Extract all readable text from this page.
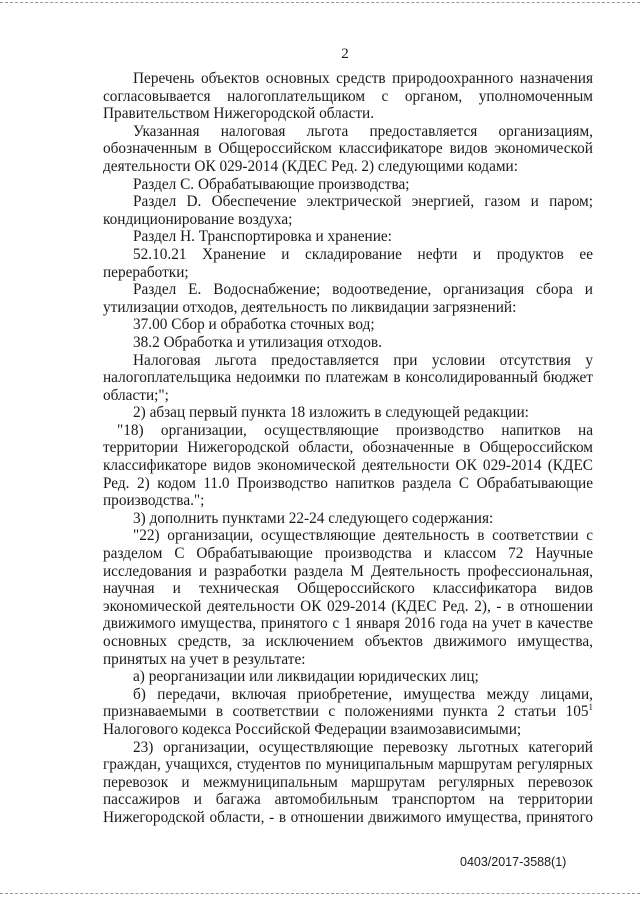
2
Перечень объектов основных средств природоохранного назначения
согласовывается налогоплательщиком с органом, уполномоченным
Правительством Нижегородской области.
Указанная налоговая льгота предоставляется организациям,
обозначенным в Общероссийском классификаторе видов экономической
деятельности ОК 029-2014 (КДЕС Ред. 2) следующими кодами:
Раздел С. Обрабатывающие производства;
Раздел D. Обеспечение электрической энергией, газом и паром;
кондиционирование воздуха;
Раздел Н. Транспортировка и хранение:
52.10.21 Хранение и складирование нефти и продуктов ее
переработки;
Раздел Е. Водоснабжение; водоотведение, организация сбора и
утилизации отходов, деятельность по ликвидации загрязнений:
37.00 Сбор и обработка сточных вод;
38.2 Обработка и утилизация отходов.
Налоговая льгота предоставляется при условии отсутствия у
налогоплательщика недоимки по платежам в консолидированный бюджет
области;";
2) абзац первый пункта 18 изложить в следующей редакции:
"18) организации, осуществляющие производство напитков на
территории Нижегородской области, обозначенные в Общероссийском
классификаторе видов экономической деятельности ОК 029-2014 (КДЕС
Ред. 2) кодом 11.0 Производство напитков раздела С Обрабатывающие
производства.";
3) дополнить пунктами 22-24 следующего содержания:
"22) организации, осуществляющие деятельность в соответствии с
разделом С Обрабатывающие производства и классом 72 Научные
исследования и разработки раздела М Деятельность профессиональная,
научная и техническая Общероссийского классификатора видов
экономической деятельности ОК 029-2014 (КДЕС Ред. 2), - в отношении
движимого имущества, принятого с 1 января 2016 года на учет в качестве
основных средств, за исключением объектов движимого имущества,
принятых на учет в результате:
а) реорганизации или ликвидации юридических лиц;
б) передачи, включая приобретение, имущества между лицами,
признаваемыми в соответствии с положениями пункта 2 статьи $105^1$
Налогового кодекса Российской Федерации взаимозависимыми;
23) организации, осуществляющие перевозку льготных категорий
граждан, учащихся, студентов по муниципальным маршрутам регулярных
перевозок и межмуниципальным маршрутам регулярных перевозок
пассажиров и багажа автомобильным транспортом на территории
Нижегородской области, - в отношении движимого имущества, принятого
0403/2017-3588(1)
